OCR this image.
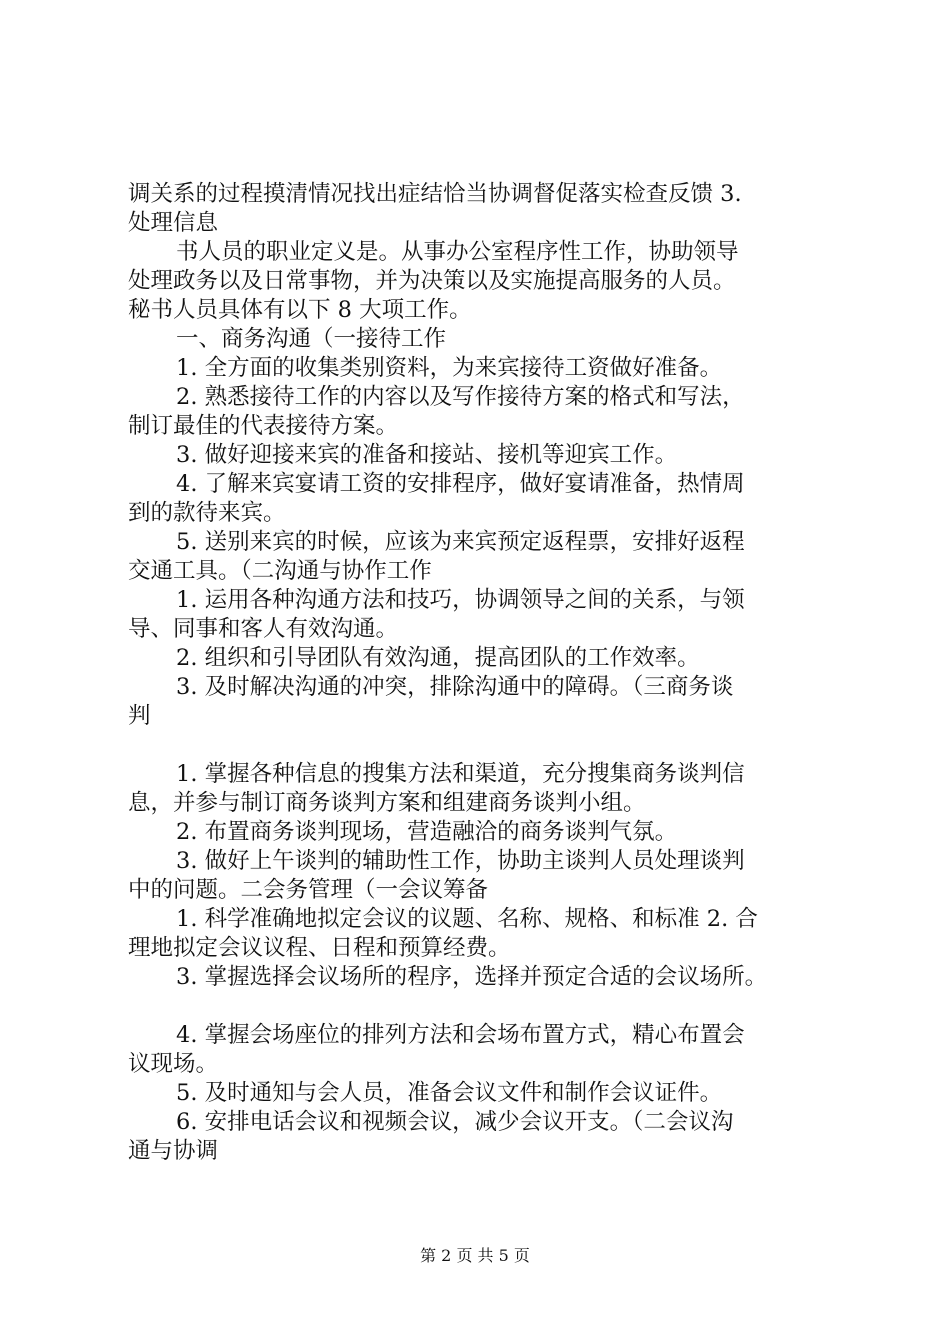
调关系的过程摸清情况找出症结恰当协调督促落实检查反馈 3.

处理信息

书人员的职业定义是。从事办公室程序性工作，协助领导

处理政务以及日常事物，并为决策以及实施提高服务的人员。

秘书人员具体有以下 8 大项工作。

一、商务沟通（一接待工作

1. 全方面的收集类别资料，为来宾接待工资做好准备。

2. 熟悉接待工作的内容以及写作接待方案的格式和写法，

制订最佳的代表接待方案。

3. 做好迎接来宾的准备和接站、接机等迎宾工作。

4. 了解来宾宴请工资的安排程序，做好宴请准备，热情周

到的款待来宾。

5. 送别来宾的时候，应该为来宾预定返程票，安排好返程

交通工具。（二沟通与协作工作

1. 运用各种沟通方法和技巧，协调领导之间的关系，与领

导、同事和客人有效沟通。

2. 组织和引导团队有效沟通，提高团队的工作效率。

3. 及时解决沟通的冲突，排除沟通中的障碍。（三商务谈

判

1. 掌握各种信息的搜集方法和渠道，充分搜集商务谈判信

息，并参与制订商务谈判方案和组建商务谈判小组。

2. 布置商务谈判现场，营造融洽的商务谈判气氛。

3. 做好上午谈判的辅助性工作，协助主谈判人员处理谈判

中的问题。二会务管理（一会议筹备

1. 科学准确地拟定会议的议题、名称、规格、和标准 2. 合

理地拟定会议议程、日程和预算经费。

3. 掌握选择会议场所的程序，选择并预定合适的会议场所。

4. 掌握会场座位的排列方法和会场布置方式，精心布置会

议现场。

5. 及时通知与会人员，准备会议文件和制作会议证件。

6. 安排电话会议和视频会议，减少会议开支。（二会议沟

通与协调

第 2 页 共 5 页
